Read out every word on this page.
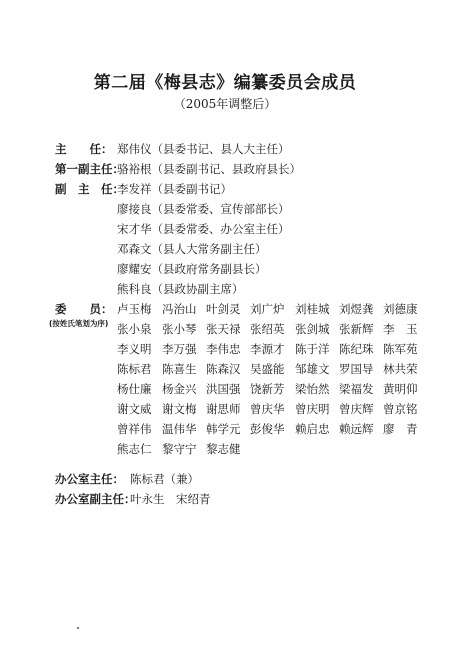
第二届《梅县志》编纂委员会成员
（2005年调整后）
主　　任： 郑伟仪（县委书记、县人大主任）
第一副主任：
骆裕根（县委副书记、县政府县长）
副　主　任：
李发祥（县委副书记）
廖接良（县委常委、宣传部部长）
宋才华（县委常委、办公室主任）
邓森文（县人大常务副主任）
廖耀安（县政府常务副县长）
熊科良（县政协副主席）
委　　员：
(按姓氏笔划为序)
卢玉梅 冯治山 叶剑灵 刘广炉 刘桂城 刘煜龚 刘德康
张小泉 张小琴 张天禄 张绍英 张剑城 张新辉 李　玉
李义明 李万强 李伟忠 李源才 陈于洋 陈纪珠 陈军苑
陈标君 陈喜生 陈森汉 吴盛能 邹雄文 罗国导 林共荣
杨仕廉 杨金兴 洪国强 饶新芳 梁怡然 梁福发 黄明仰
谢文威 谢文梅 谢思师 曾庆华 曾庆明 曾庆辉 曾京铭
曾祥伟 温伟华 韩学元 彭俊华 赖启忠 赖远辉 廖　青
熊志仁 黎守宁 黎志健
办公室主任： 陈标君（兼）
办公室副主任：
叶永生　宋绍青
